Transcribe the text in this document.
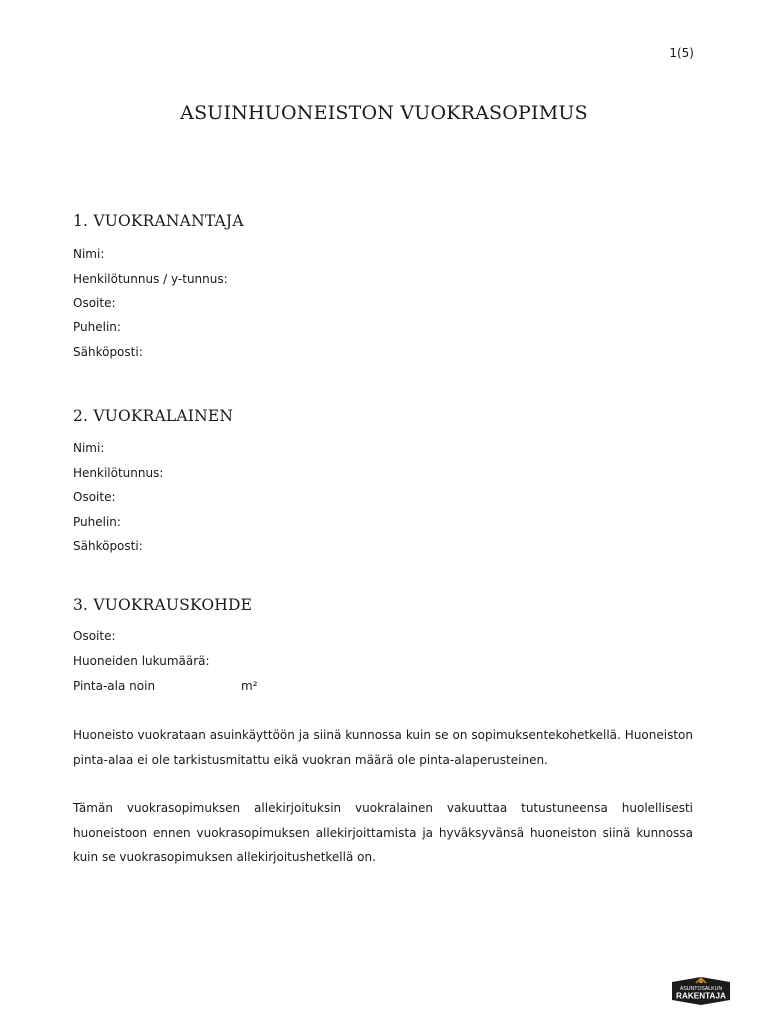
1(5)
ASUINHUONEISTON VUOKRASOPIMUS
1. VUOKRANANTAJA
Nimi:
Henkilötunnus / y-tunnus:
Osoite:
Puhelin:
Sähköposti:
2. VUOKRALAINEN
Nimi:
Henkilötunnus:
Osoite:
Puhelin:
Sähköposti:
3. VUOKRAUSKOHDE
Osoite:
Huoneiden lukumäärä:
Pinta-ala noin	m²
Huoneisto vuokrataan asuinkäyttöön ja siinä kunnossa kuin se on sopimuksentekohetkellä. Huoneiston pinta-alaa ei ole tarkistusmitattu eikä vuokran määrä ole pinta-alaperusteinen.
Tämän vuokrasopimuksen allekirjoituksin vuokralainen vakuuttaa tutustuneensa huolellisesti huoneistoon ennen vuokrasopimuksen allekirjoittamista ja hyväksyvänsä huoneiston siinä kunnossa kuin se vuokrasopimuksen allekirjoitushetkellä on.
ASUNTOSALKUN
RAKENTAJA
